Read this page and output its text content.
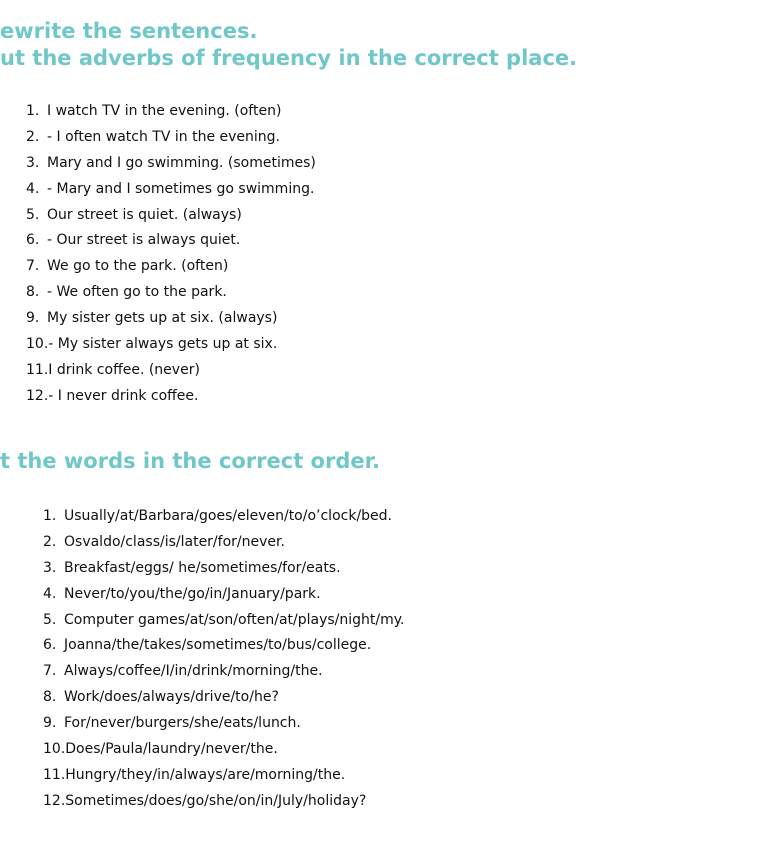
ewrite the sentences.
ut the adverbs of frequency in the correct place.
1. I watch TV in the evening. (often)
2. - I often watch TV in the evening.
3. Mary and I go swimming. (sometimes)
4. - Mary and I sometimes go swimming.
5. Our street is quiet. (always)
6. - Our street is always quiet.
7. We go to the park. (often)
8. - We often go to the park.
9. My sister gets up at six. (always)
10.- My sister always gets up at six.
11.I drink coffee. (never)
12.- I never drink coffee.
t the words in the correct order.
1. Usually/at/Barbara/goes/eleven/to/o’clock/bed.
2. Osvaldo/class/is/later/for/never.
3. Breakfast/eggs/ he/sometimes/for/eats.
4. Never/to/you/the/go/in/January/park.
5. Computer games/at/son/often/at/plays/night/my.
6. Joanna/the/takes/sometimes/to/bus/college.
7. Always/coffee/I/in/drink/morning/the.
8. Work/does/always/drive/to/he?
9. For/never/burgers/she/eats/lunch.
10.Does/Paula/laundry/never/the.
11.Hungry/they/in/always/are/morning/the.
12.Sometimes/does/go/she/on/in/July/holiday?
